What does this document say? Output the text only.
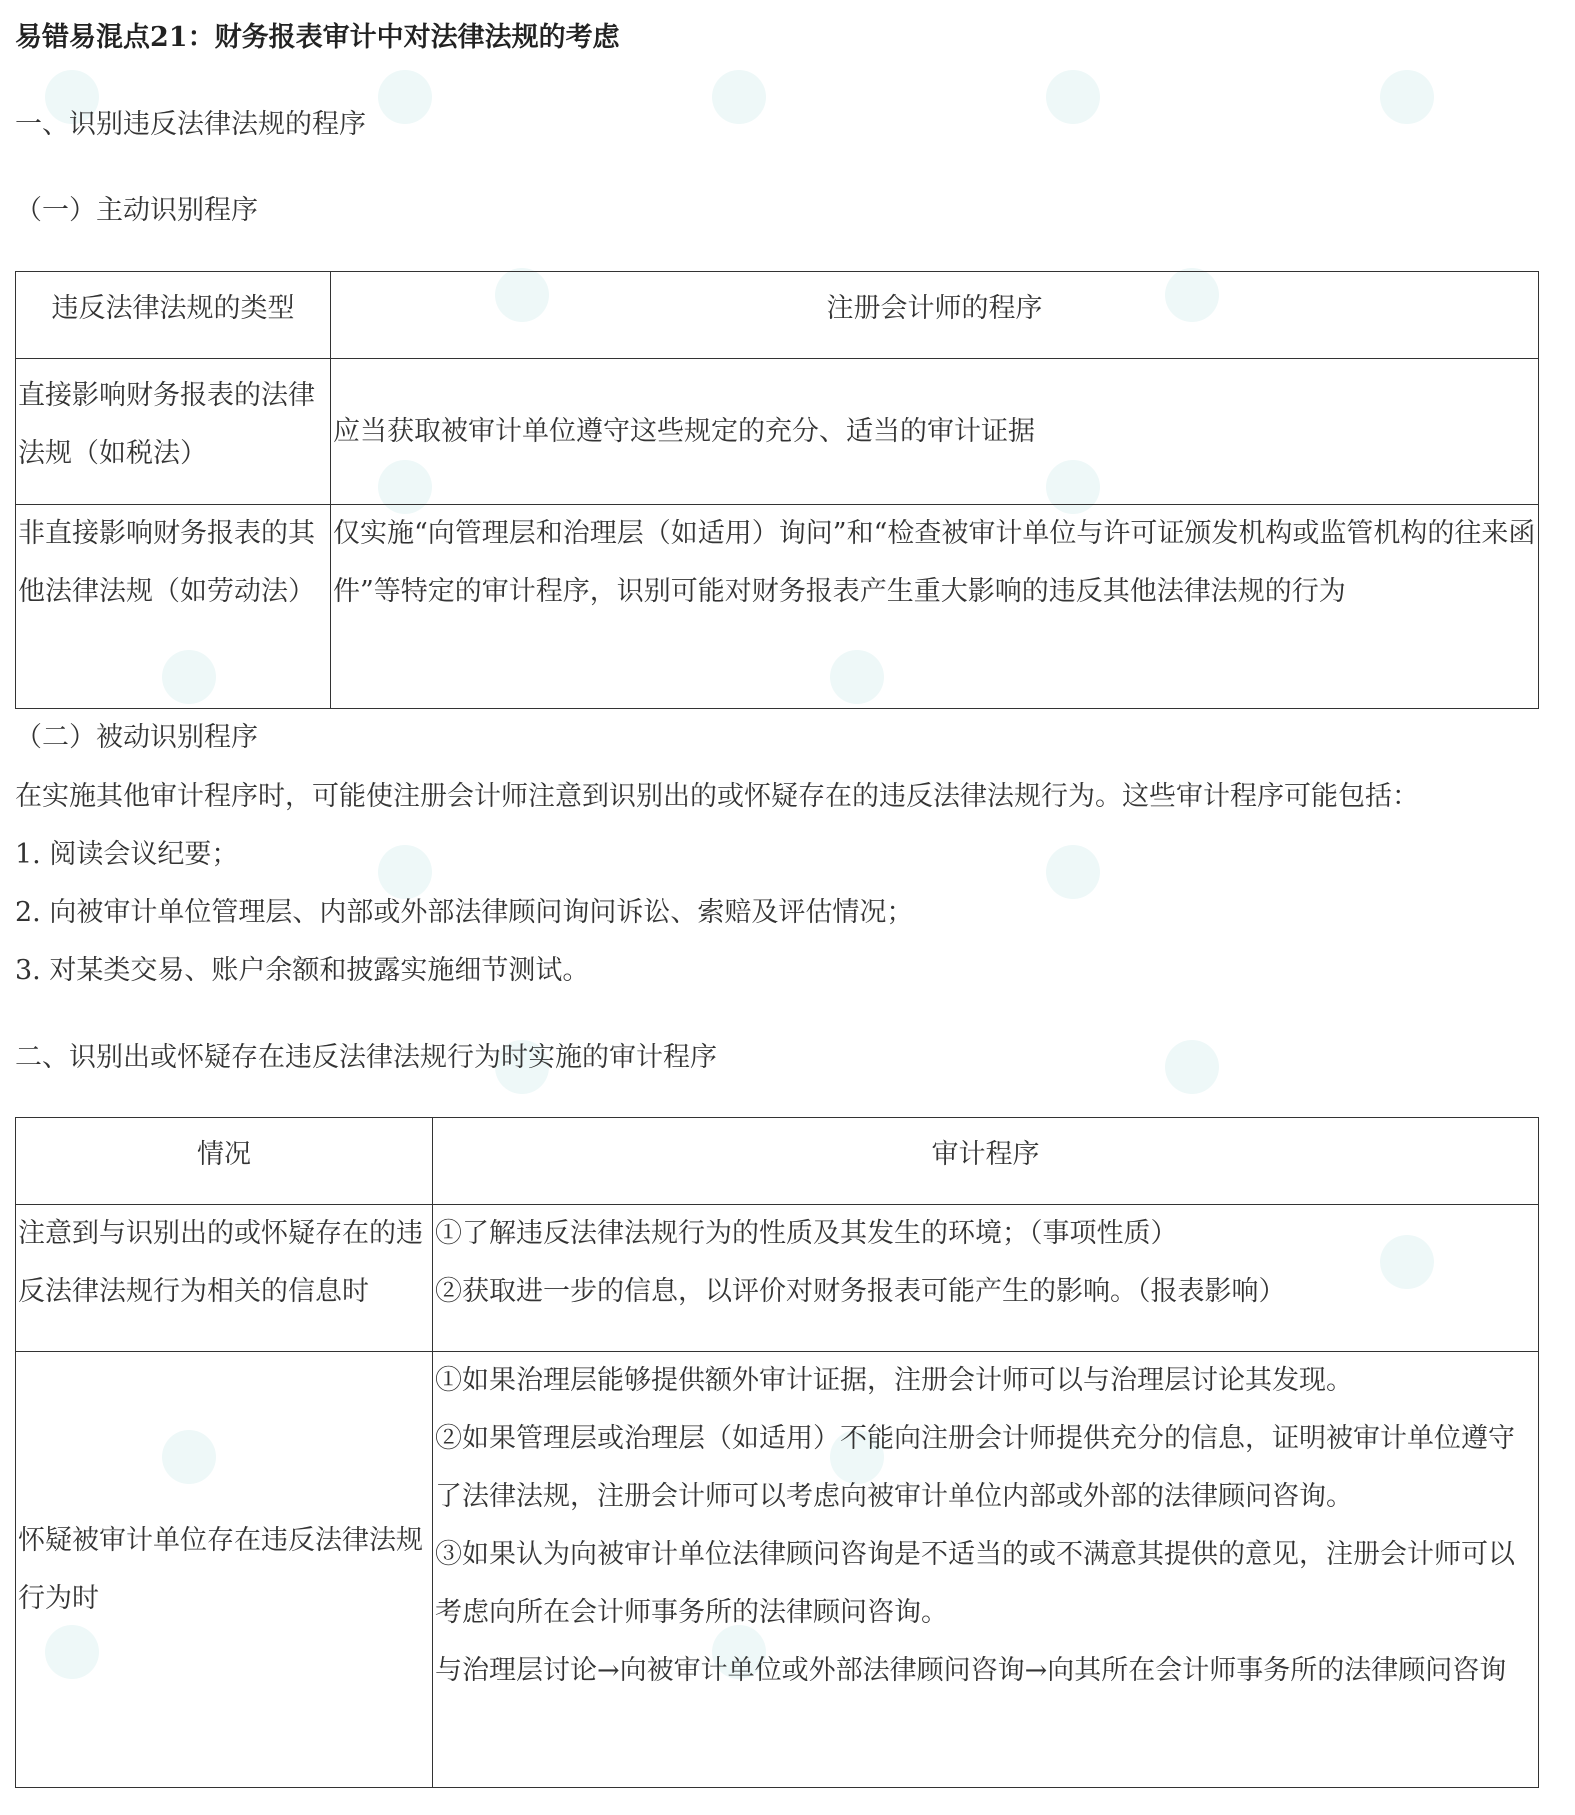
易错易混点21：财务报表审计中对法律法规的考虑
一、识别违反法律法规的程序
（一）主动识别程序
违反法律法规的类型	注册会计师的程序
直接影响财务报表的法律法规（如税法）	应当获取被审计单位遵守这些规定的充分、适当的审计证据
非直接影响财务报表的其他法律法规（如劳动法）	仅实施“向管理层和治理层（如适用）询问”和“检查被审计单位与许可证颁发机构或监管机构的往来函件”等特定的审计程序，识别可能对财务报表产生重大影响的违反其他法律法规的行为
（二）被动识别程序
在实施其他审计程序时，可能使注册会计师注意到识别出的或怀疑存在的违反法律法规行为。这些审计程序可能包括：
1. 阅读会议纪要；
2. 向被审计单位管理层、内部或外部法律顾问询问诉讼、索赔及评估情况；
3. 对某类交易、账户余额和披露实施细节测试。
二、识别出或怀疑存在违反法律法规行为时实施的审计程序
情况	审计程序
注意到与识别出的或怀疑存在的违反法律法规行为相关的信息时	①了解违反法律法规行为的性质及其发生的环境；（事项性质）
②获取进一步的信息，以评价对财务报表可能产生的影响。（报表影响）

怀疑被审计单位存在违反法律法规行为时	①如果治理层能够提供额外审计证据，注册会计师可以与治理层讨论其发现。
②如果管理层或治理层（如适用）不能向注册会计师提供充分的信息，证明被审计单位遵守了法律法规，注册会计师可以考虑向被审计单位内部或外部的法律顾问咨询。
③如果认为向被审计单位法律顾问咨询是不适当的或不满意其提供的意见，注册会计师可以考虑向所在会计师事务所的法律顾问咨询。
与治理层讨论→向被审计单位或外部法律顾问咨询→向其所在会计师事务所的法律顾问咨询
